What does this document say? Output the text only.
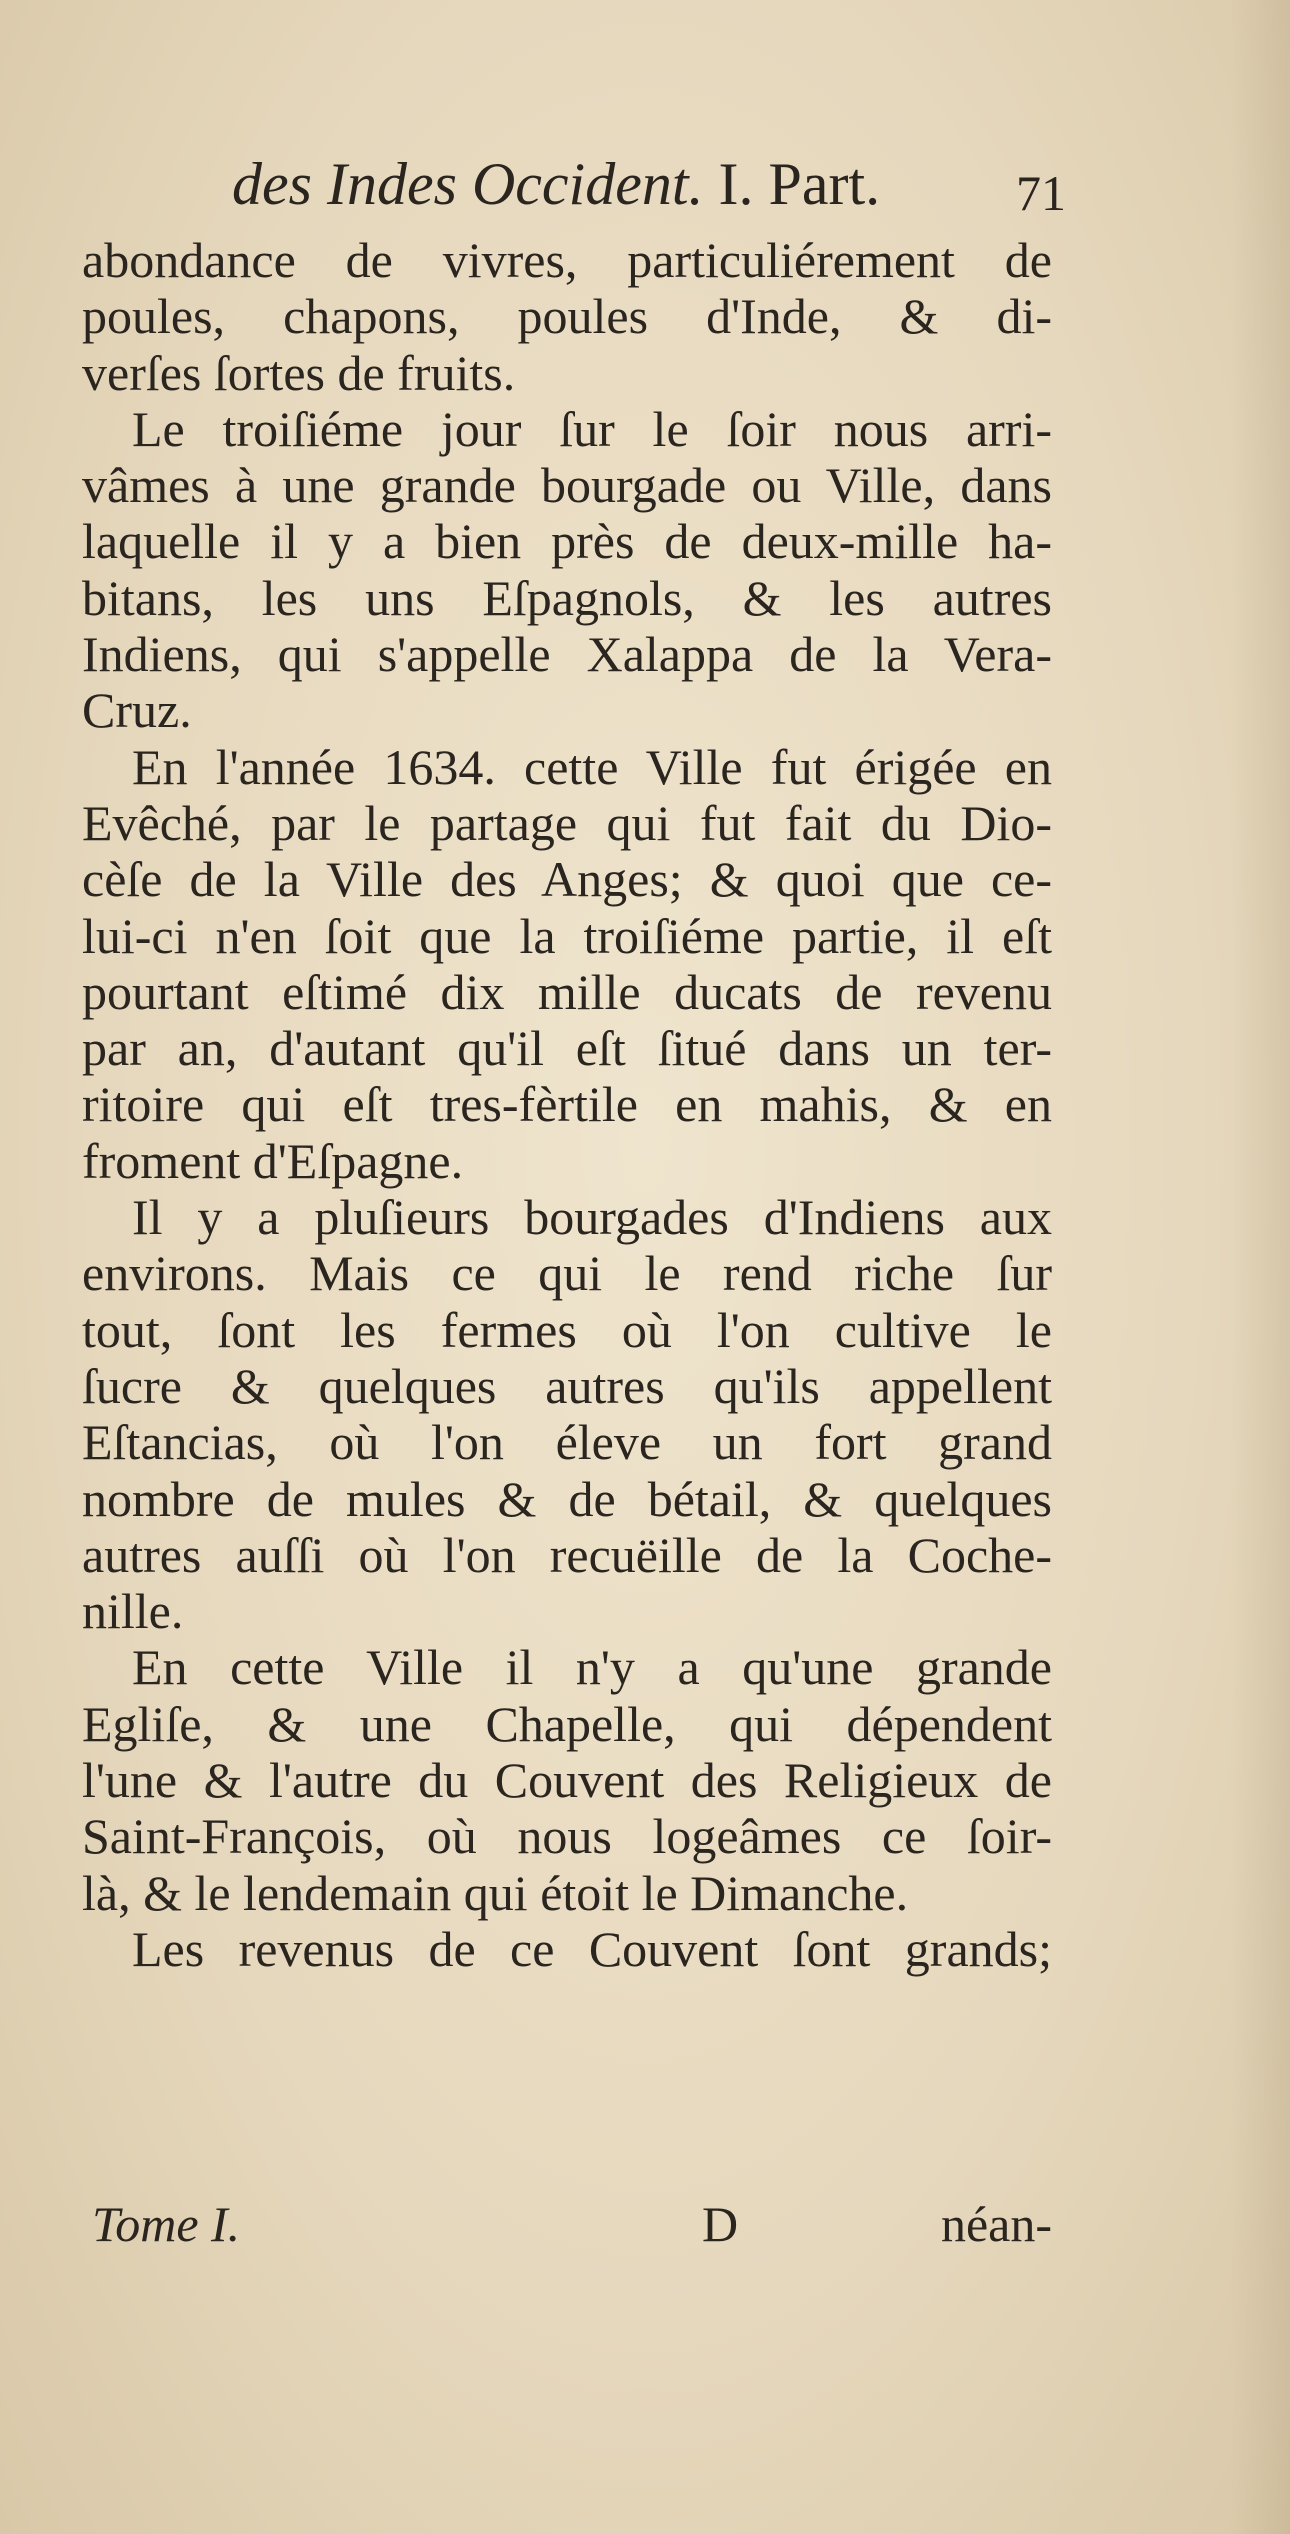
des Indes Occident. I. Part.	71
abondance de vivres, particuliérement de
poules, chapons, poules d'Inde, & di-
verſes ſortes de fruits.
Le troiſiéme jour ſur le ſoir nous arri-
vâmes à une grande bourgade ou Ville, dans
laquelle il y a bien près de deux-mille ha-
bitans, les uns Eſpagnols, & les autres
Indiens, qui s'appelle Xalappa de la Vera-
Cruz.
En l'année 1634. cette Ville fut érigée en
Evêché, par le partage qui fut fait du Dio-
cèſe de la Ville des Anges; & quoi que ce-
lui-ci n'en ſoit que la troiſiéme partie, il eſt
pourtant eſtimé dix mille ducats de revenu
par an, d'autant qu'il eſt ſitué dans un ter-
ritoire qui eſt tres-fèrtile en mahis, & en
froment d'Eſpagne.
Il y a pluſieurs bourgades d'Indiens aux
environs. Mais ce qui le rend riche ſur
tout, ſont les fermes où l'on cultive le
ſucre & quelques autres qu'ils appellent
Eſtancias, où l'on éleve un fort grand
nombre de mules & de bétail, & quelques
autres auſſi où l'on recuëille de la Coche-
nille.
En cette Ville il n'y a qu'une grande
Egliſe, & une Chapelle, qui dépendent
l'une & l'autre du Couvent des Religieux de
Saint-François, où nous logeâmes ce ſoir-
là, & le lendemain qui étoit le Dimanche.
Les revenus de ce Couvent ſont grands;
Tome I.	D	néan-
